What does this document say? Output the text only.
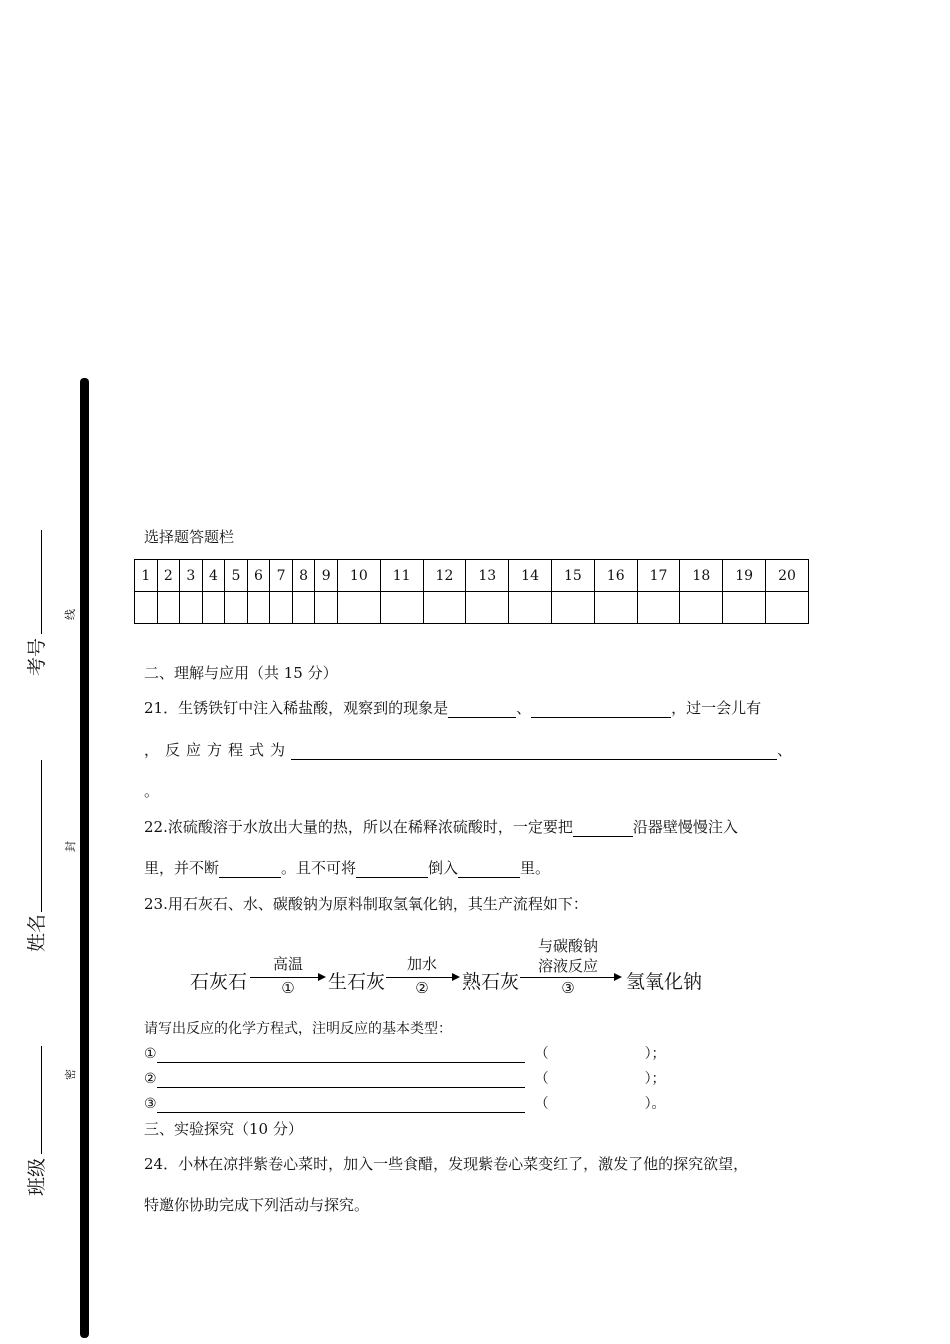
考号
姓名
班级
线
封
密
选择题答题栏
1	2	3	4	5	6	7	8	9	10	11	12	13	14	15	16	17	18	19	20

二、理解与应用（共 15 分）
21．生锈铁钉中注入稀盐酸，观察到的现象是	、	，过一会儿有
，反应方程式为	、
。
22.浓硫酸溶于水放出大量的热，所以在稀释浓硫酸时，一定要把	沿器壁慢慢注入
里，并不断	。且不可将	倒入	里。
23.用石灰石、水、碳酸钠为原料制取氢氧化钠，其生产流程如下：
石灰石
高温
①	生石灰
加水
②	熟石灰
与碳酸钠
溶液反应
③	氢氧化钠
请写出反应的化学方程式，注明反应的基本类型：
①	（	）；
②	（	）；
③	（	）。
三、实验探究（10 分）
24．小林在凉拌紫卷心菜时，加入一些食醋，发现紫卷心菜变红了，激发了他的探究欲望，
特邀你协助完成下列活动与探究。
